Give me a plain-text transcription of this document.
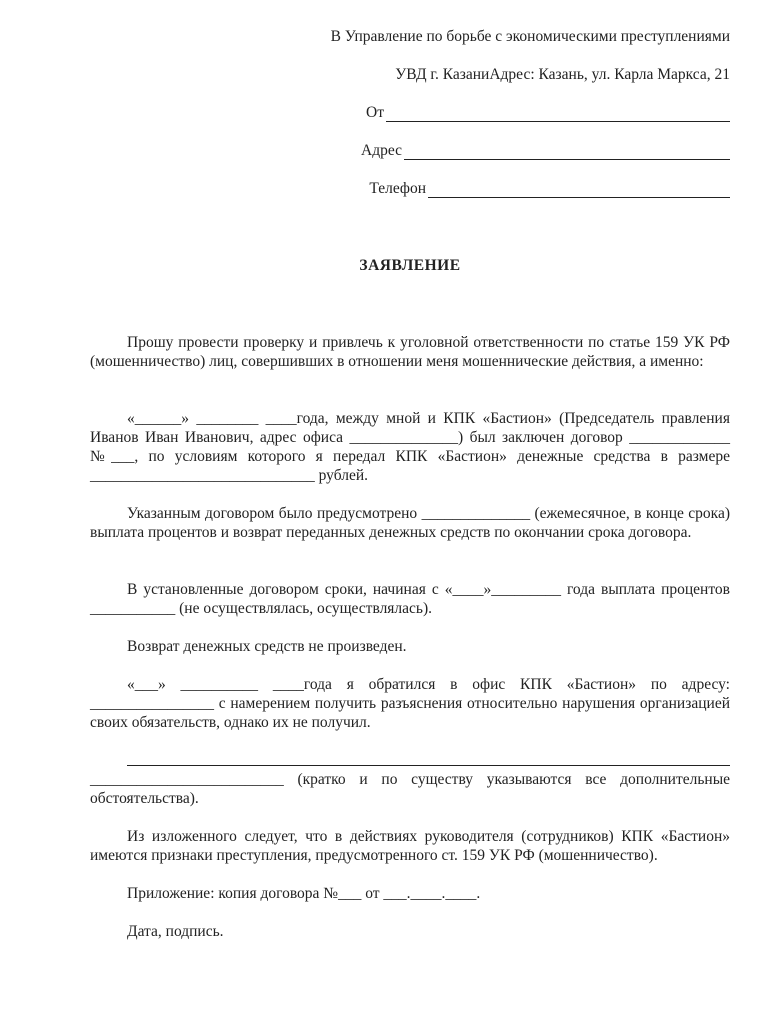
В Управление по борьбе с экономическими преступлениями
УВД г. КазаниАдрес: Казань, ул. Карла Маркса, 21
От
Адрес
Телефон
ЗАЯВЛЕНИЕ
Прошу провести проверку и привлечь к уголовной ответственности по статье 159 УК РФ (мошенничество) лиц, совершивших в отношении меня мошеннические действия, а именно:
«______» ________ ____года, между мной и КПК «Бастион» (Председатель правления Иванов Иван Иванович, адрес офиса ______________) был заключен договор _____________ №___, по условиям которого я передал КПК «Бастион» денежные средства в размере _____________________________ рублей.
Указанным договором было предусмотрено ______________ (ежемесячное, в конце срока) выплата процентов и возврат переданных денежных средств по окончании срока договора.
В установленные договором сроки, начиная с «____»_________ года выплата процентов ___________ (не осуществлялась, осуществлялась).
Возврат денежных средств не произведен.
«___» __________ ____года я обратился в офис КПК «Бастион» по адресу: ________________ с намерением получить разъяснения относительно нарушения организацией своих обязательств, однако их не получил.
_________________________ (кратко и по существу указываются все дополнительные обстоятельства).
Из изложенного следует, что в действиях руководителя (сотрудников) КПК «Бастион» имеются признаки преступления, предусмотренного ст. 159 УК РФ (мошенничество).
Приложение: копия договора №___ от ___.____.____.
Дата, подпись.
